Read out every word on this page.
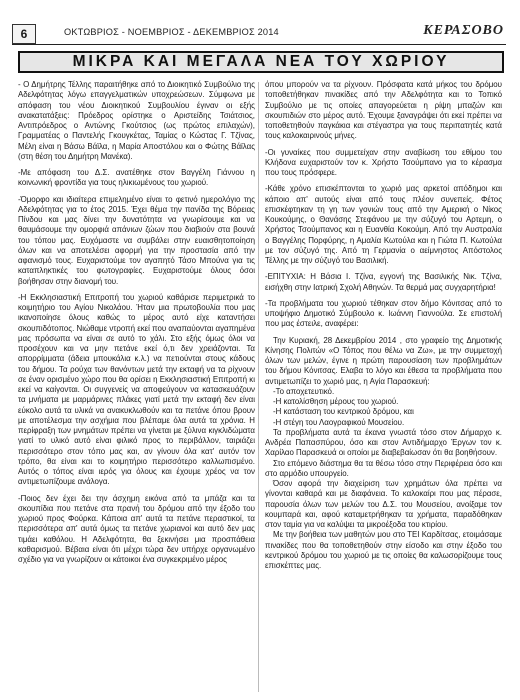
6	ΟΚΤΩΒΡΙΟΣ - ΝΟΕΜΒΡΙΟΣ - ΔΕΚΕΜΒΡΙΟΣ 2014	ΚΕΡΑΣΟΒΟ
ΜΙΚΡΑ ΚΑΙ ΜΕΓΑΛΑ ΝΕΑ ΤΟΥ ΧΩΡΙΟΥ

- Ο Δημήτρης Τέλλης παραιτήθηκε από το Διοικητικό Συμβούλιο της Αδελφότητας λόγω επαγγελματικών υποχρεώσεων. Σύμφωνα με απόφαση του νέου Διοικητικού Συμβουλίου έγιναν οι εξής ανακατατάξεις: Πρόεδρος ορίστηκε ο Αριστείδης Τσιάτσιος, Αντιπρόεδρος ο Αντώνης Γκούτσιος (ως πρώτος επιλαχών), Γραμματέας ο Παντελής Γκουγκέτας, Ταμίας ο Κώστας Γ. Τζίνας, Μέλη είναι η Βάσω Βάϊλα, η Μαρία Αποστόλου και ο Φώτης Βάϊλας (στη θέση του Δημήτρη Μανέκα).

-Με απόφαση του Δ.Σ. ανατέθηκε στον Βαγγέλη Γιάννου η κοινωνική φροντίδα για τους ηλικιωμένους του χωριού.

-Όμορφο και ιδιαίτερα επιμελημένο είναι το φετινό ημερολόγιο της Αδελφότητας για το έτος 2015. Έχει θέμα την πανίδα της Βόρειας Πίνδου και μας δίνει την δυνατότητα να γνωρίσουμε και να θαυμάσουμε την ομορφιά απάνιων ζώων που διαβιούν στα βουνά του τόπου μας. Ευχόμαστε να συμβάλει στην ευαισθητοποίηση όλων και να αποτελέσει αφορμή για την προστασία από την αφανισμό τους. Ευχαριστούμε τον αγαπητό Τάσο Μπούνα για τις καταπληκτικές του φωτογραφίες. Ευχαριστούμε όλους όσοι βοήθησαν στην διανομή του.

-Η Εκκλησιαστική Επιτροπή του χωριού καθάρισε περιμετρικά το κοιμητήριο του Αγίου Νικολάου. Ήταν μια πρωτοβουλία που μας ικανοποίησε όλους καθώς το μέρος αυτό είχε καταντήσει σκουπιδότοπος. Νιώθαμε ντροπή εκεί που αναπαύονται αγαπημένα μας πρόσωπα να είναι σε αυτό το χάλι. Στο εξής όμως όλοι να προσέχουν και να μην πετάνε εκεί ό,τι δεν χρειάζονται. Τα απορρίμματα (άδεια μπουκάλια κ.λ.) να πετιούνται στους κάδους του δήμου. Τα ρούχα των θανόντων μετά την εκταφή να τα ρίχνουν σε έναν ορισμένο χώρο που θα ορίσει η Εκκλησιαστική Επιτροπή κι εκεί να καίγονται. Οι συγγενείς να αποφεύγουν να κατασκευάζουν τα μνήματα με μαρμάρινες πλάκες γιατί μετά την εκταφή δεν είναι εύκολο αυτά τα υλικά να ανακυκλωθούν και τα πετάνε όπου βρουν με αποτέλεσμα την ασχήμια που βλέπαμε όλα αυτά τα χρόνια. Η περίφραξη των μνημάτων πρέπει να γίνεται με ξύλινα κιγκλιδώματα γιατί το υλικό αυτό είναι φιλικό προς το περιβάλλον, ταιριάζει περισσότερο στον τόπο μας και, αν γίνουν όλα κατ' αυτόν τον τρόπο, θα είναι και το κοιμητήριο περισσότερο καλλωπισμένο. Αυτός ο τόπος είναι ιερός για όλους και έχουμε χρέος να τον αντιμετωπίζουμε ανάλογα.

-Ποιος δεν έχει δει την άσχημη εικόνα από τα μπάζα και τα σκουπίδια που πετάνε στα πρανή του δρόμου από την έξοδο του χωριού προς Φούρκα. Κάποια απ' αυτά τα πετάνε περαστικοί, τα περισσότερα απ' αυτά όμως τα πετάνε χωριανοί και αυτό δεν μας τιμάει καθόλου. Η Αδελφότητα, θα ξεκινήσει μια προσπάθεια καθαρισμού. Βέβαια είναι ότι μέχρι τώρα δεν υπήρχε οργανωμένο σχέδιο για να γνωρίζουν οι κάτοικοι ένα συγκεκριμένο μέρος

όπου μπορούν να τα ρίχνουν. Πρόσφατα κατά μήκος του δρόμου τοποθετήθηκαν πινακίδες από την Αδελφότητα και το Τοπικό Συμβούλιο με τις οποίες απαγορεύεται η ρίψη μπαζών και σκουπιδιών στο μέρος αυτό. Έχουμε ξαναγράψει ότι εκεί πρέπει να τοποθετηθούν παγκάκια και στέγαστρα για τους περιπατητές κατά τους καλοκαιρινούς μήνες.

-Οι γυναίκες που συμμετείχαν στην αναβίωση του εθίμου του Κλήδονα ευχαριστούν τον κ. Χρήστο Τσούμπανο για το κέρασμα που τους πρόσφερε.

-Κάθε χρόνο επισκέπτονται το χωριό μας αρκετοί απόδημοι και κάποιο απ' αυτούς είναι από τους πλέον συνεπείς. Φέτος επισκέφτηκαν τη γη των γονιών τους από την Αμερική ο Νίκος Κουκούμης, ο Θανάσης Στεφάνου με την σύζυγό του Αρτεμη, ο Χρήστος Τσούμπανος και η Ευανθία Κοκούμη. Από την Αυστραλία ο Βαγγέλης Πορφύρης, η Αμαλία Κωτούλα και η Γιώτα Π. Κωτούλα με τον σύζυγό της. Από τη Γερμανία ο αείμνηστος Απόστολος Τέλλης με την σύζυγό του Βασιλική.

-ΕΠΙΤΥΧΙΑ: Η Βάσια Ι. Τζίνα, εγγονή της Βασιλικής Νικ. Τζίνα, εισήχθη στην Ιατρική Σχολή Αθηνών. Τα θερμά μας συγχαρητήρια!

-Τα προβλήματα του χωριού τέθηκαν στον δήμο Κόνιτσας από το υποψήφιο Δημοτικό Σύμβουλο κ. Ιωάννη Γιαννούλα. Σε επιστολή που μας έστειλε, αναφέρει:

Την Κυριακή, 28 Δεκεμβρίου 2014 , στο γραφείο της Δημοτικής Κίνησης Πολιτών «Ο Τόπος που θέλω να Ζω», με την συμμετοχή όλων των μελών, έγινε η πρώτη παρουσίαση των προβλημάτων του δήμου Κόνιτσας. Ελαβα το λόγο και έθεσα τα προβλήματα που αντιμετωπίζει το χωριό μας, η Αγία Παρασκευή:

-Το αποχετευτικό.

-Η κατολίσθηση μέρους του χωριού.

-Η κατάσταση του κεντρικού δρόμου, και

-Η στέγη του Λαογραφικού Μουσείου.

Τα προβλήματα αυτά τα έκανα γνωστά τόσο στον Δήμαρχο κ. Ανδρέα Παπασπύρου, όσο και στον Αντιδήμαρχο Έργων τον κ. Χαρίλαο Παρασκευά οι οποίοι με διαβεβαίωσαν ότι θα βοηθήσουν.

Στο επόμενο διάστημα θα τα θέσω τόσο στην Περιφέρεια όσο και στο αρμόδιο υπουργείο.

Όσον αφορά την διαχείριση των χρημάτων όλα πρέπει να γίνονται καθαρά και με διαφάνεια. Το καλοκαίρι που μας πέρασε, παρουσία όλων των μελών του Δ.Σ. του Μουσείου, ανοίξαμε τον κουμπαρά και, αφού καταμετρήθηκαν τα χρήματα, παραδόθηκαν στον ταμία για να καλύψει τα μικροέξοδα του κτιρίου.

Με την βοήθεια των μαθητών μου στο ΤΕΙ Καρδίτσας, ετοιμάσαμε πινακίδες που θα τοποθετηθούν στην είσοδο και στην έξοδο του κεντρικού δρόμου του χωριού με τις οποίες θα καλωσορίζουμε τους επισκέπτες μας.
